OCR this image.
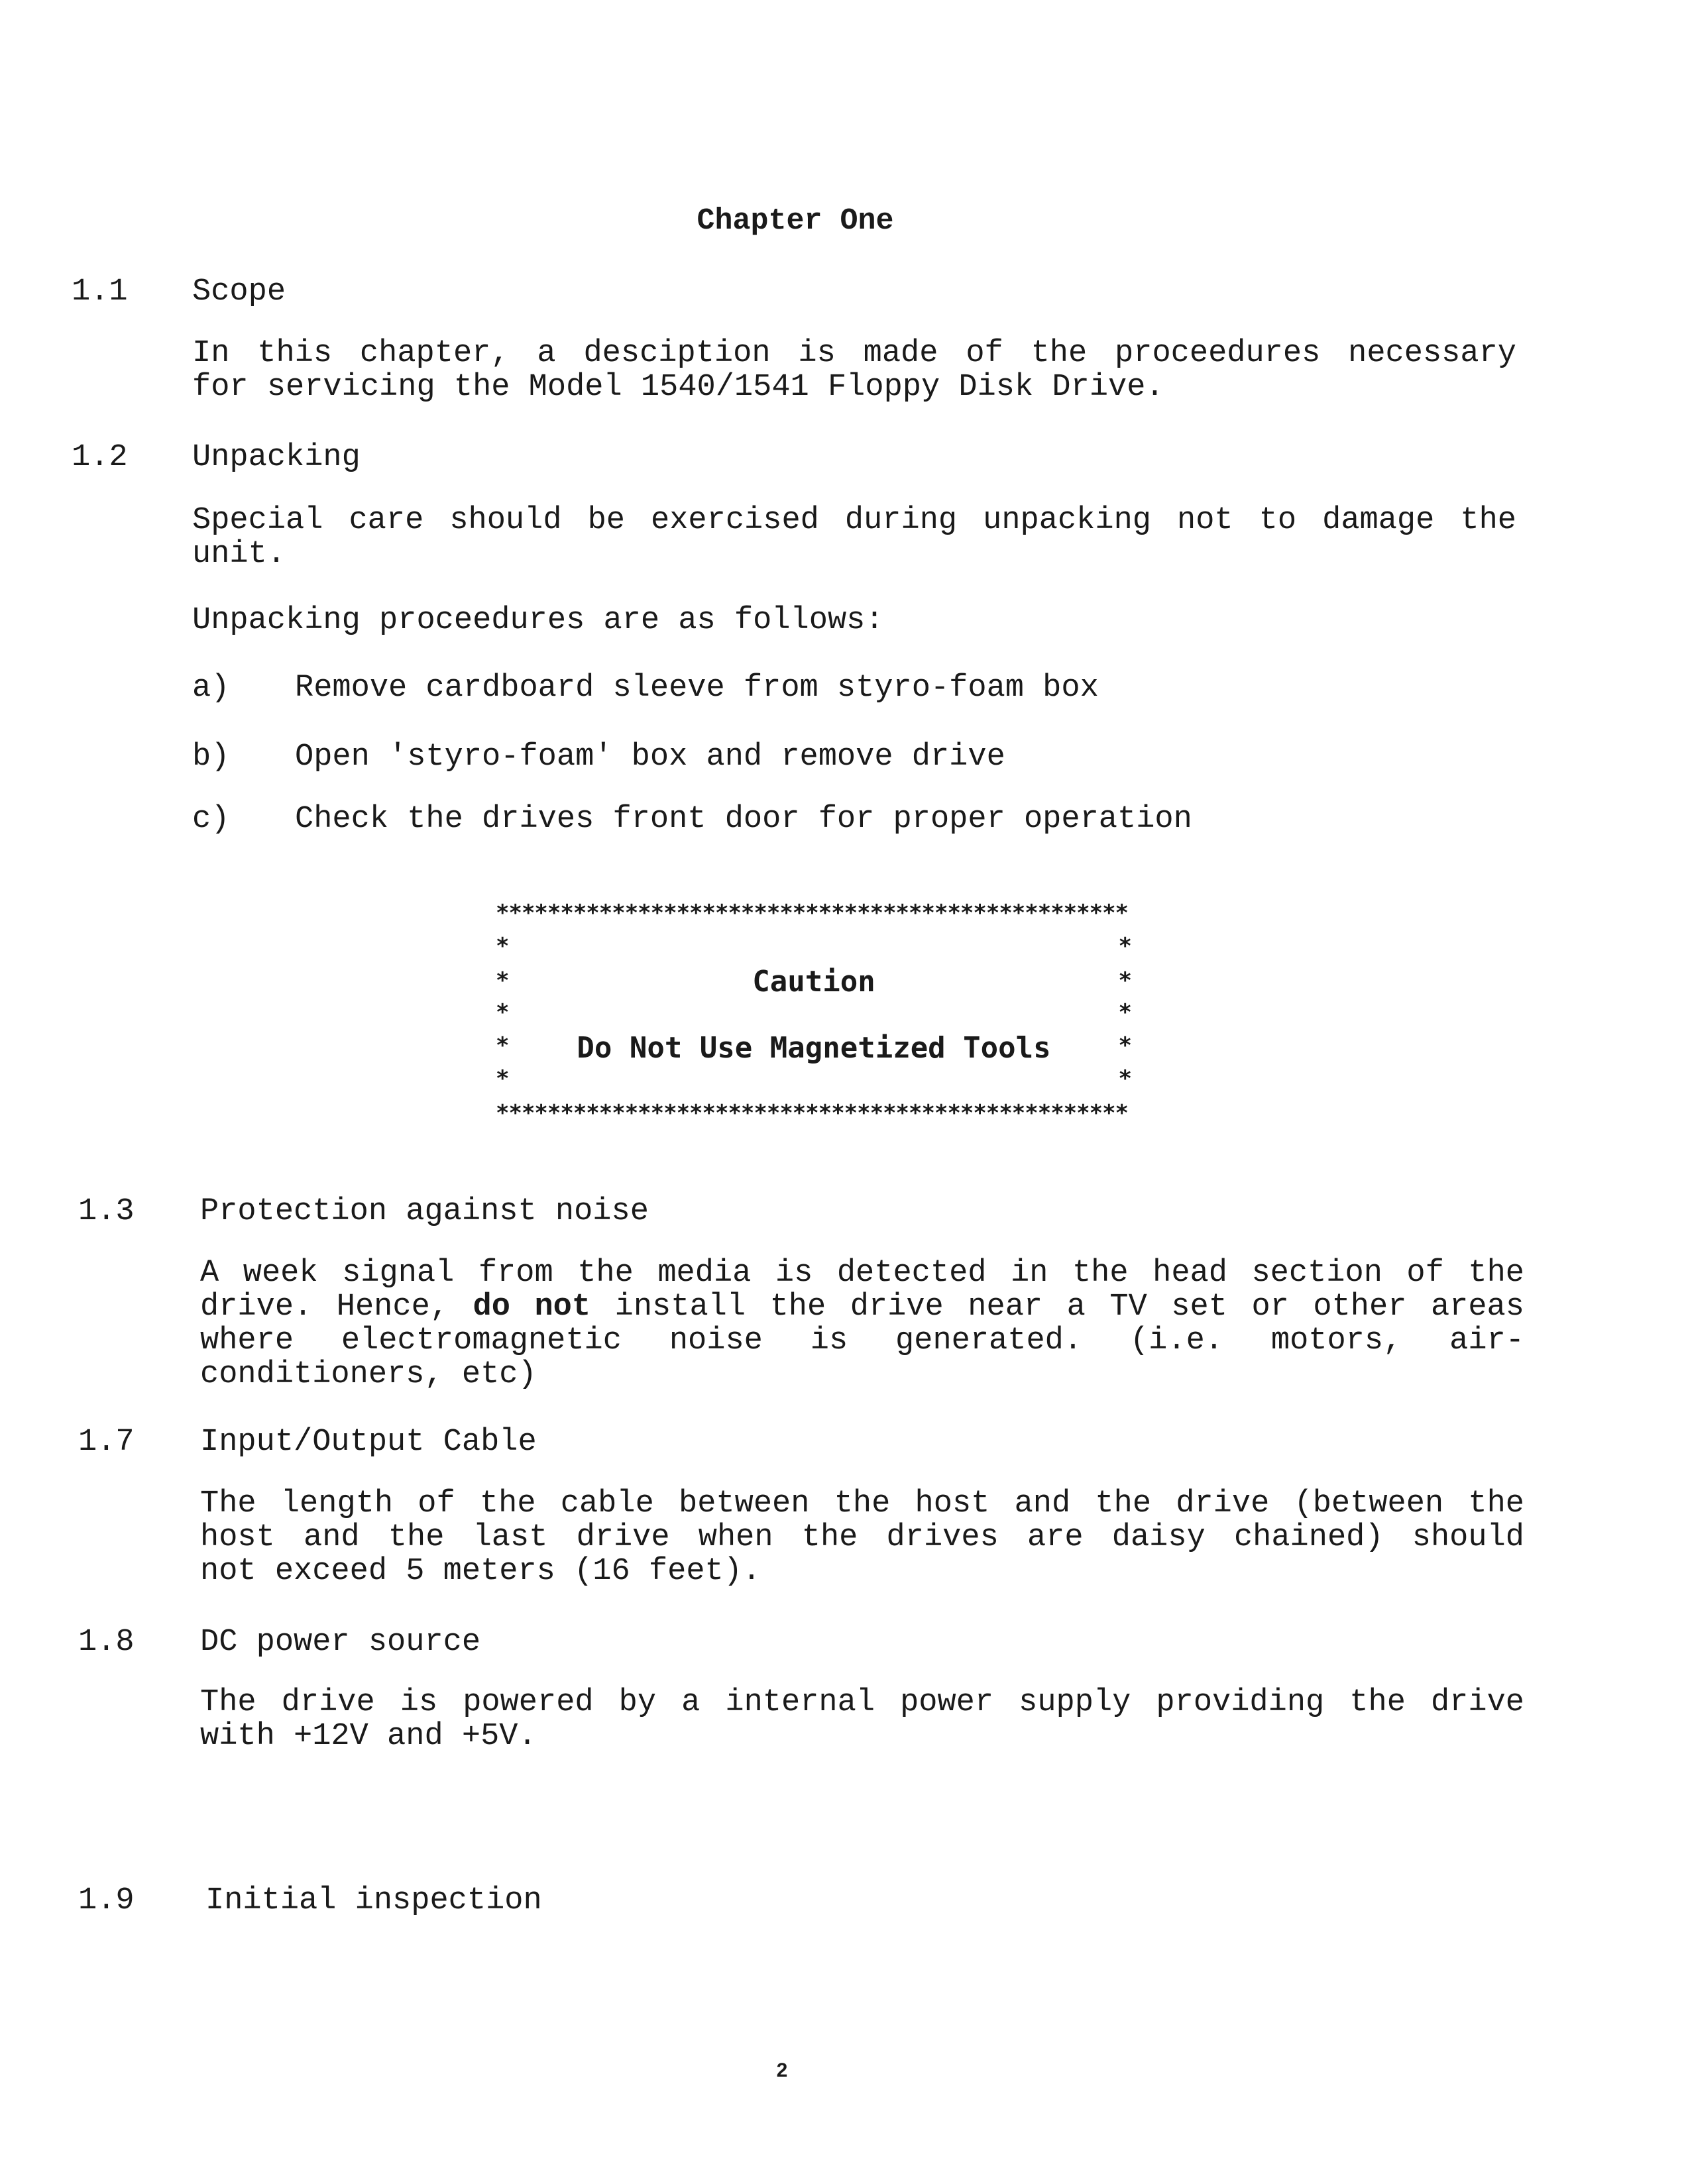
Chapter One
1.1 Scope
In this chapter, a desciption is made of the proceedures necessary
for servicing the Model 1540/1541 Floppy Disk Drive.
1.2 Unpacking
Special care should be exercised during unpacking not to damage the
unit.
Unpacking proceedures are as follows:
a) Remove cardboard sleeve from styro-foam box
b) Open 'styro-foam' box and remove drive
c) Check the drives front door for proper operation
*************************************************
*	*
*	*
*	*
*	*
*	*
*************************************************
Caution
Do Not Use Magnetized Tools
1.3 Protection against noise
A week signal from the media is detected in the head section of the
drive. Hence, do not install the drive near a TV set or other areas
where electromagnetic noise is generated. (i.e. motors, air-
conditioners, etc)
1.7 Input/Output Cable
The length of the cable between the host and the drive (between the
host and the last drive when the drives are daisy chained) should
not exceed 5 meters (16 feet).
1.8 DC power source
The drive is powered by a internal power supply providing the drive
with +12V and +5V.
1.9 Initial inspection
2
